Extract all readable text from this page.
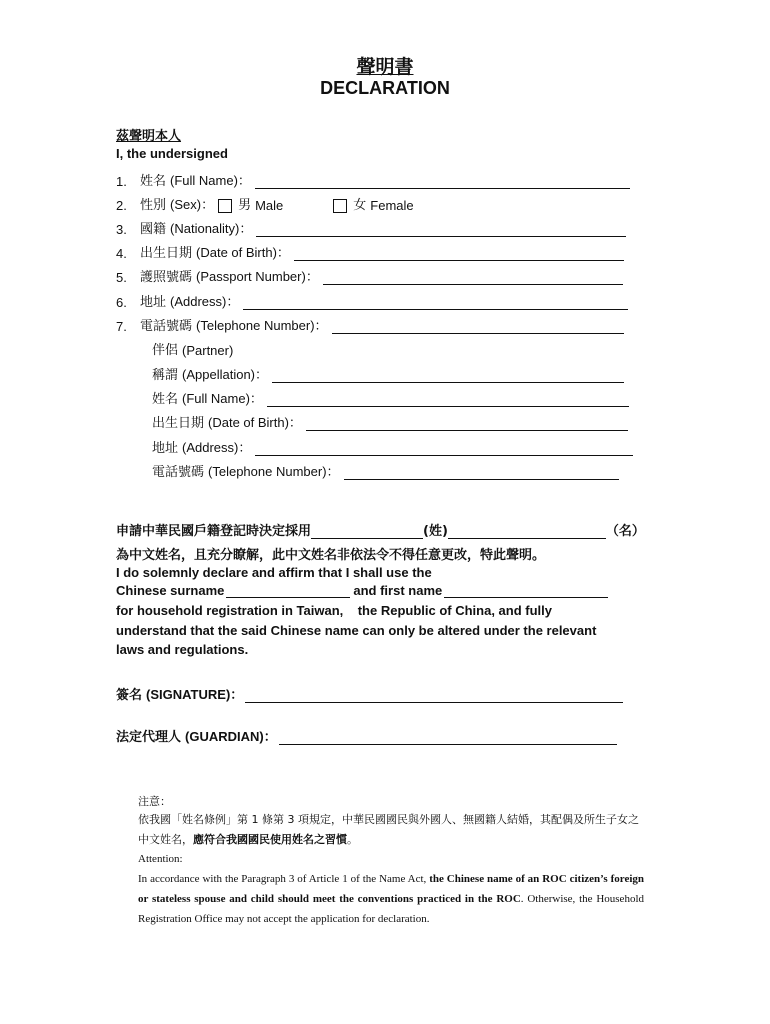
聲明書
DECLARATION
茲聲明本人
I, the undersigned
1.	姓名 (Full Name)：
2.	性別 (Sex)： 男 Male	女 Female
3.	國籍 (Nationality)：
4.	出生日期 (Date of Birth)：
5.	護照號碼 (Passport Number)：
6.	地址 (Address)：
7.	電話號碼 (Telephone Number)：
伴侶 (Partner)
稱謂 (Appellation)：
姓名 (Full Name)：
出生日期 (Date of Birth)：
地址 (Address)：
電話號碼 (Telephone Number)：
申請中華民國戶籍登記時決定採用	(姓)	（名）
為中文姓名，且充分瞭解，此中文姓名非依法令不得任意更改，特此聲明。
I do solemnly declare and affirm that I shall use the
Chinese surname	and first name
for household registration in Taiwan,    the Republic of China, and fully
understand that the said Chinese name can only be altered under the relevant
laws and regulations.
簽名 (SIGNATURE)：
法定代理人 (GUARDIAN)：
注意：
依我國「姓名條例」第 1 條第 3 項規定，中華民國國民與外國人、無國籍人結婚，其配偶及所生子女之中文姓名，應符合我國國民使用姓名之習慣。
Attention:
In accordance with the Paragraph 3 of Article 1 of the Name Act, the Chinese name of an ROC citizen’s foreign or stateless spouse and child should meet the conventions practiced in the ROC. Otherwise, the Household Registration Office may not accept the application for declaration.
